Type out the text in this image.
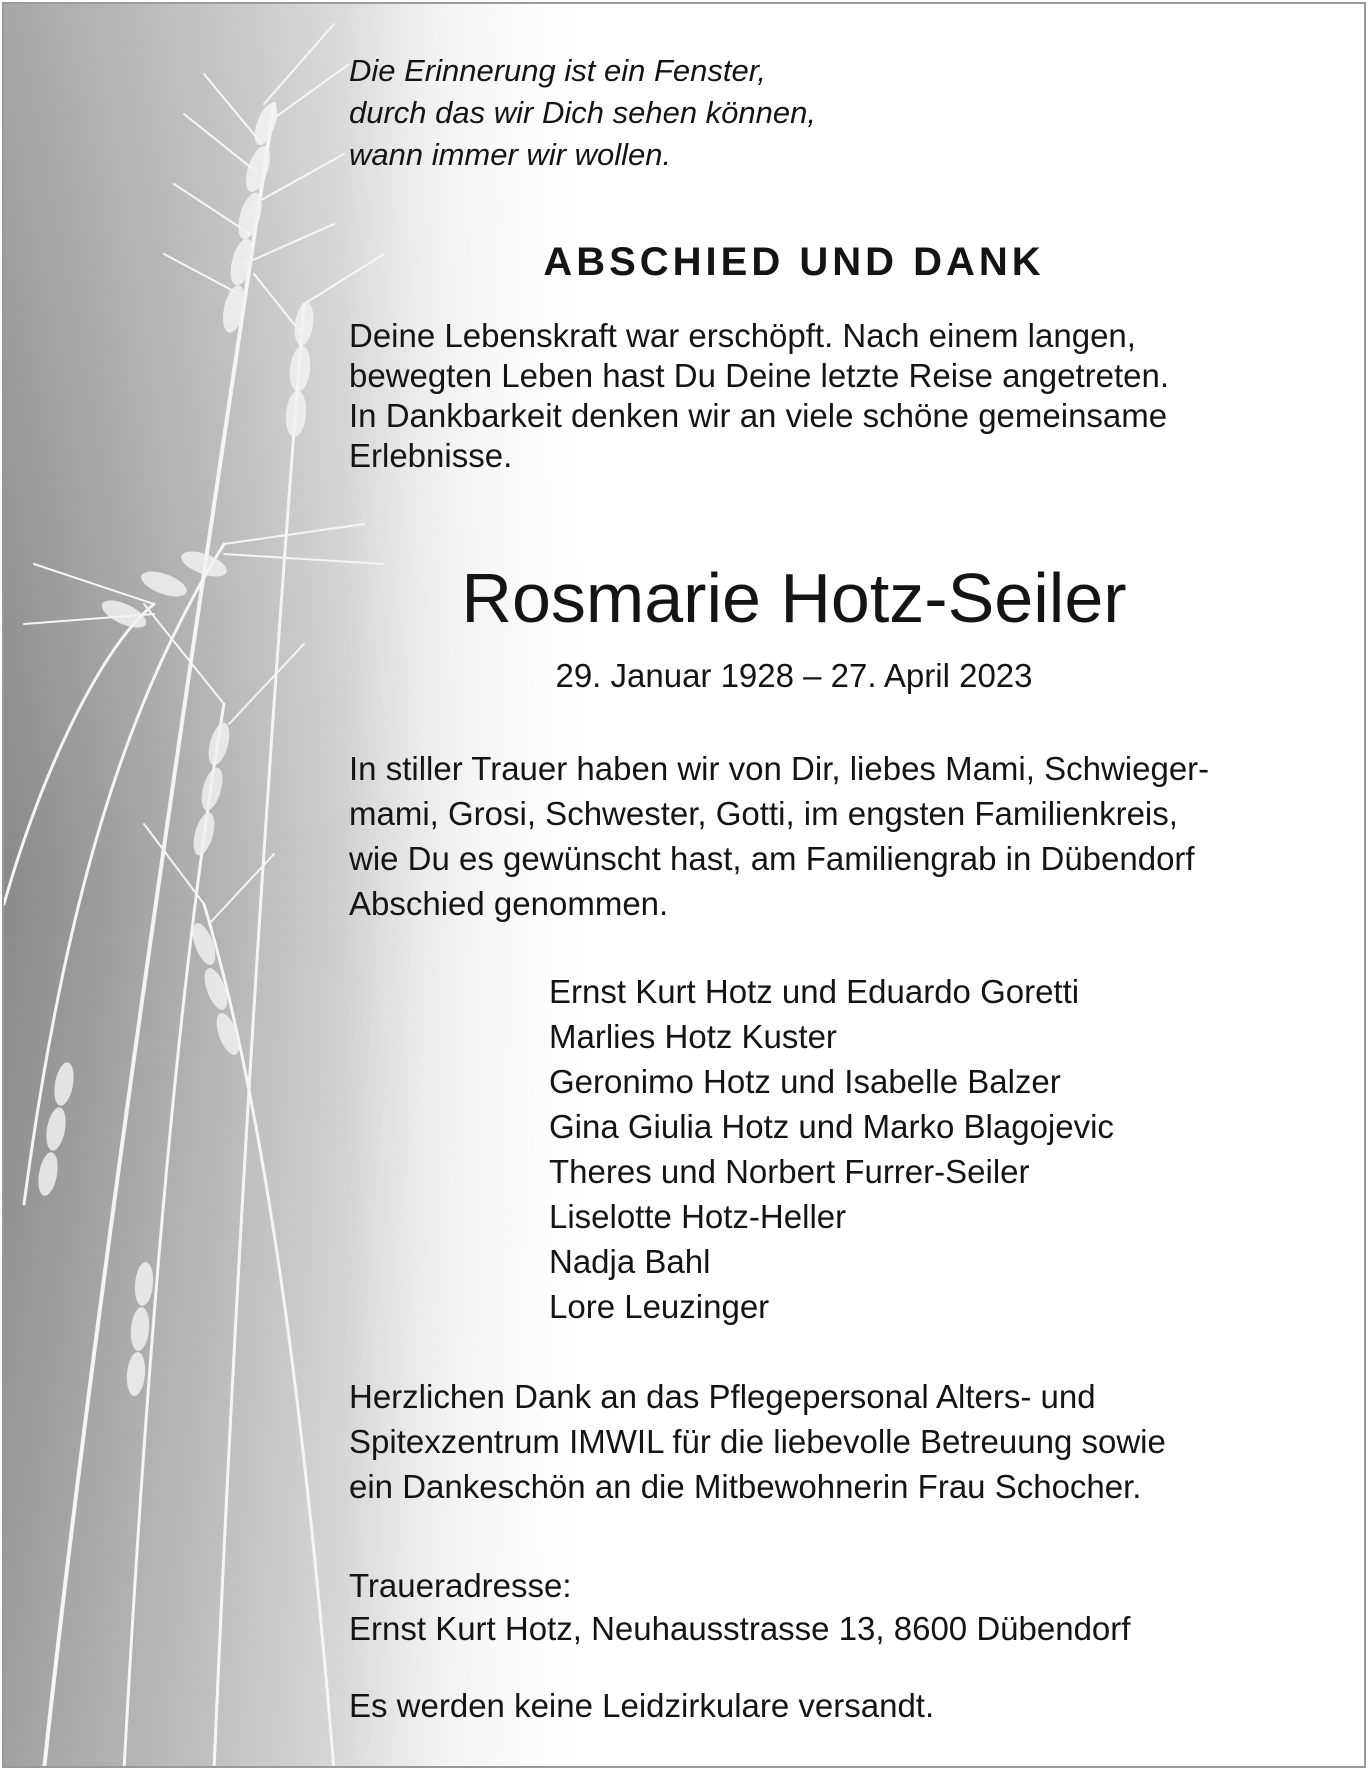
Die Erinnerung ist ein Fenster,
durch das wir Dich sehen können,
wann immer wir wollen.
ABSCHIED UND DANK
Deine Lebenskraft war erschöpft. Nach einem langen,
bewegten Leben hast Du Deine letzte Reise angetreten.
In Dankbarkeit denken wir an viele schöne gemeinsame
Erlebnisse.
Rosmarie Hotz-Seiler
29. Januar 1928 – 27. April 2023
In stiller Trauer haben wir von Dir, liebes Mami, Schwieger-
mami, Grosi, Schwester, Gotti, im engsten Familienkreis,
wie Du es gewünscht hast, am Familiengrab in Dübendorf
Abschied genommen.
Ernst Kurt Hotz und Eduardo Goretti
Marlies Hotz Kuster
Geronimo Hotz und Isabelle Balzer
Gina Giulia Hotz und Marko Blagojevic
Theres und Norbert Furrer-Seiler
Liselotte Hotz-Heller
Nadja Bahl
Lore Leuzinger
Herzlichen Dank an das Pflegepersonal Alters- und
Spitexzentrum IMWIL für die liebevolle Betreuung sowie
ein Dankeschön an die Mitbewohnerin Frau Schocher.
Traueradresse:
Ernst Kurt Hotz, Neuhausstrasse 13, 8600 Dübendorf
Es werden keine Leidzirkulare versandt.
